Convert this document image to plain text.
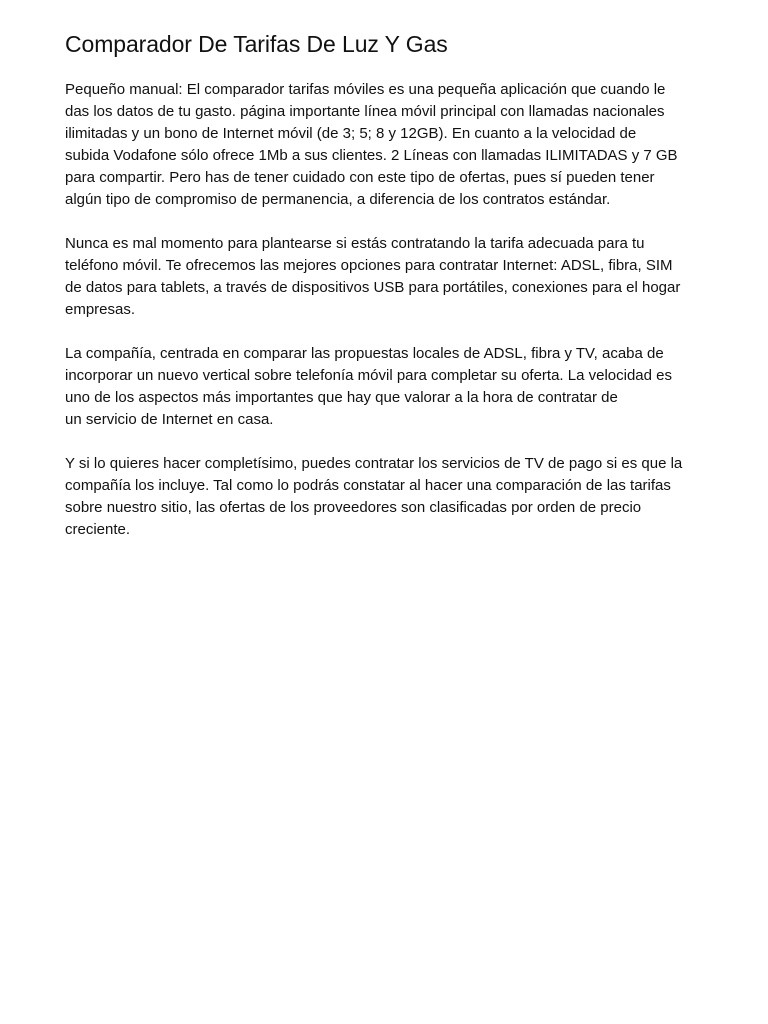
Comparador De Tarifas De Luz Y Gas

Pequeño manual: El comparador tarifas móviles es una pequeña aplicación que cuando le
das los datos de tu gasto. página importante línea móvil principal con llamadas nacionales
ilimitadas y un bono de Internet móvil (de 3; 5; 8 y 12GB). En cuanto a la velocidad de
subida Vodafone sólo ofrece 1Mb a sus clientes. 2 Líneas con llamadas ILIMITADAS y 7 GB
para compartir. Pero has de tener cuidado con este tipo de ofertas, pues sí pueden tener
algún tipo de compromiso de permanencia, a diferencia de los contratos estándar.

Nunca es mal momento para plantearse si estás contratando la tarifa adecuada para tu
teléfono móvil. Te ofrecemos las mejores opciones para contratar Internet: ADSL, fibra, SIM
de datos para tablets, a través de dispositivos USB para portátiles, conexiones para el hogar
empresas.

La compañía, centrada en comparar las propuestas locales de ADSL, fibra y TV, acaba de
incorporar un nuevo vertical sobre telefonía móvil para completar su oferta. La velocidad es
uno de los aspectos más importantes que hay que valorar a la hora de contratar de
un servicio de Internet en casa.

Y si lo quieres hacer completísimo, puedes contratar los servicios de TV de pago si es que la
compañía los incluye. Tal como lo podrás constatar al hacer una comparación de las tarifas
sobre nuestro sitio, las ofertas de los proveedores son clasificadas por orden de precio
creciente.
